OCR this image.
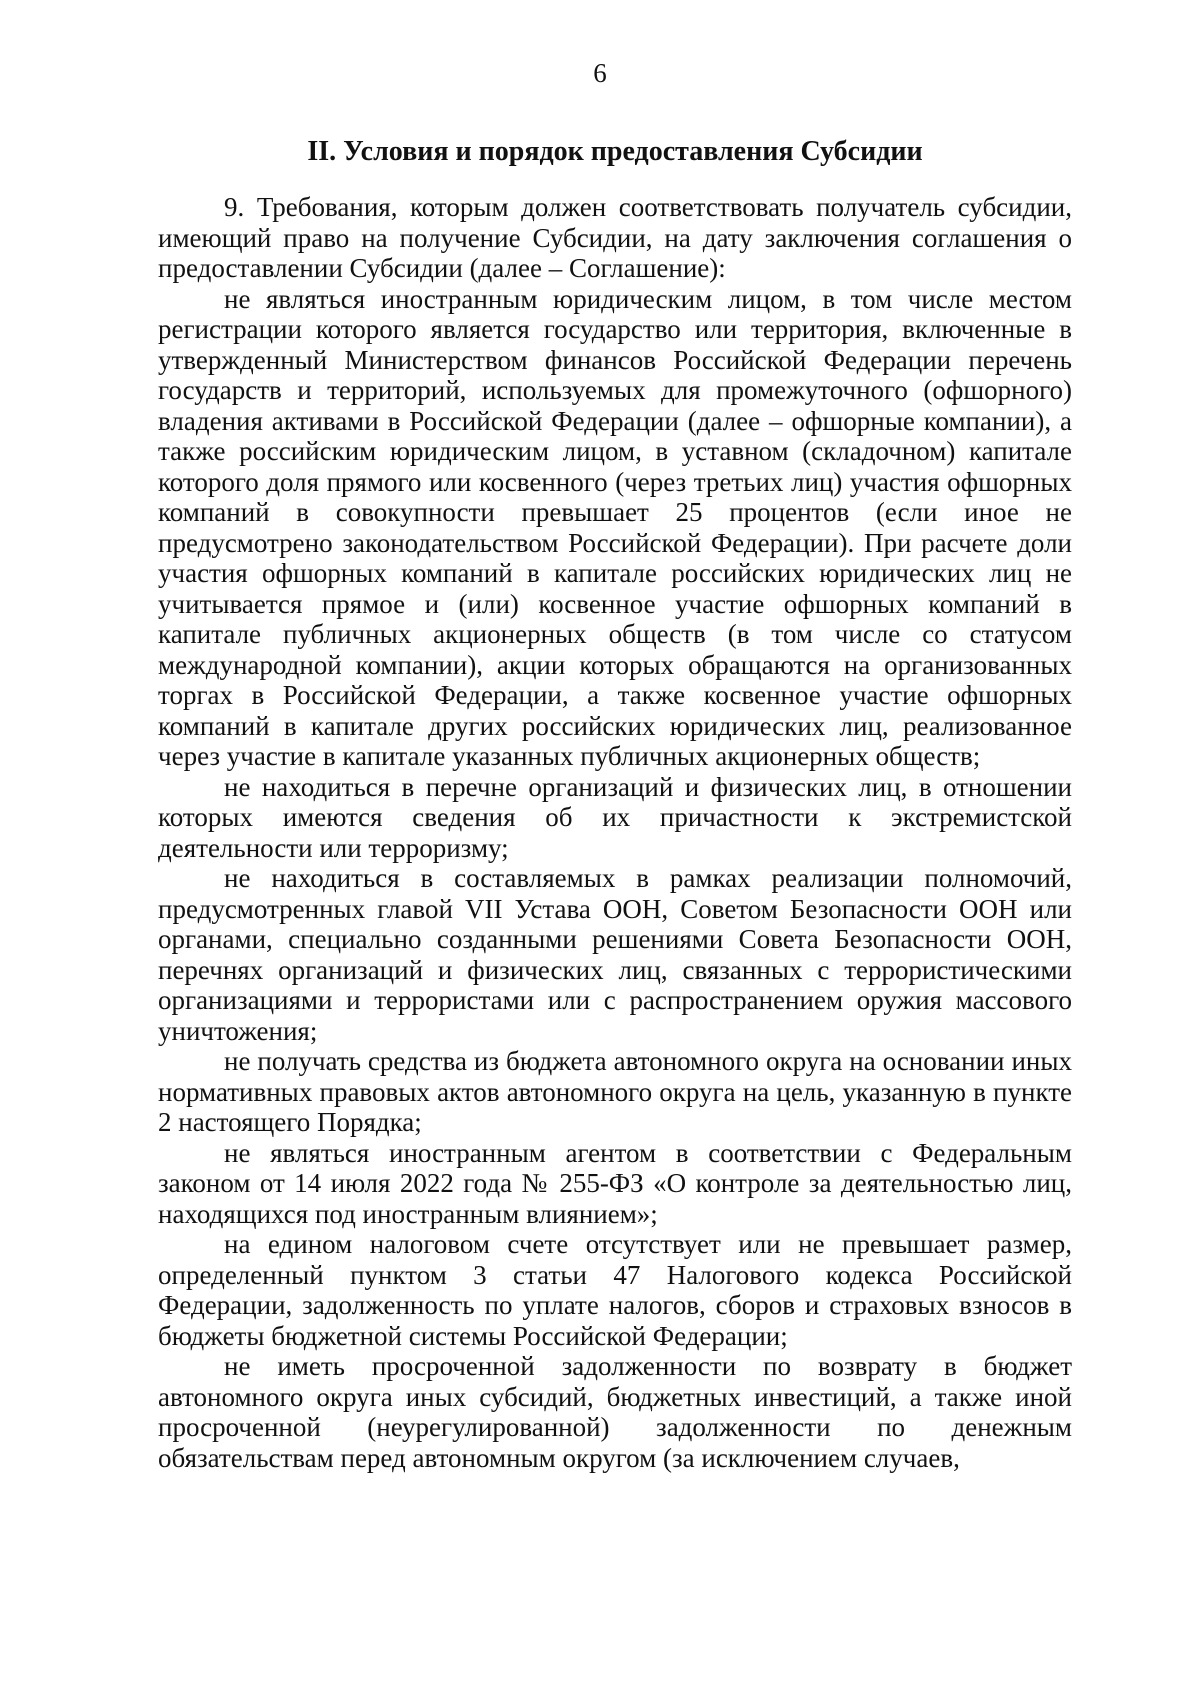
6
II. Условия и порядок предоставления Субсидии

9. Требования, которым должен соответствовать получатель субсидии, имеющий право на получение Субсидии, на дату заключения соглашения о предоставлении Субсидии (далее – Соглашение):

не являться иностранным юридическим лицом, в том числе местом регистрации которого является государство или территория, включенные в утвержденный Министерством финансов Российской Федерации перечень государств и территорий, используемых для промежуточного (офшорного) владения активами в Российской Федерации (далее – офшорные компании), а также российским юридическим лицом, в уставном (складочном) капитале которого доля прямого или косвенного (через третьих лиц) участия офшорных компаний в совокупности превышает 25 процентов (если иное не предусмотрено законодательством Российской Федерации). При расчете доли участия офшорных компаний в капитале российских юридических лиц не учитывается прямое и (или) косвенное участие офшорных компаний в капитале публичных акционерных обществ (в том числе со статусом международной компании), акции которых обращаются на организованных торгах в Российской Федерации, а также косвенное участие офшорных компаний в капитале других российских юридических лиц, реализованное через участие в капитале указанных публичных акционерных обществ;

не находиться в перечне организаций и физических лиц, в отношении которых имеются сведения об их причастности к экстремистской деятельности или терроризму;

не находиться в составляемых в рамках реализации полномочий, предусмотренных главой VII Устава ООН, Советом Безопасности ООН или органами, специально созданными решениями Совета Безопасности ООН, перечнях организаций и физических лиц, связанных с террористическими организациями и террористами или с распространением оружия массового уничтожения;

не получать средства из бюджета автономного округа на основании иных нормативных правовых актов автономного округа на цель, указанную в пункте 2 настоящего Порядка;

не являться иностранным агентом в соответствии с Федеральным законом от 14 июля 2022 года № 255-ФЗ «О контроле за деятельностью лиц, находящихся под иностранным влиянием»;

на едином налоговом счете отсутствует или не превышает размер, определенный пунктом 3 статьи 47 Налогового кодекса Российской Федерации, задолженность по уплате налогов, сборов и страховых взносов в бюджеты бюджетной системы Российской Федерации;

не иметь просроченной задолженности по возврату в бюджет автономного округа иных субсидий, бюджетных инвестиций, а также иной просроченной (неурегулированной) задолженности по денежным обязательствам перед автономным округом (за исключением случаев,
